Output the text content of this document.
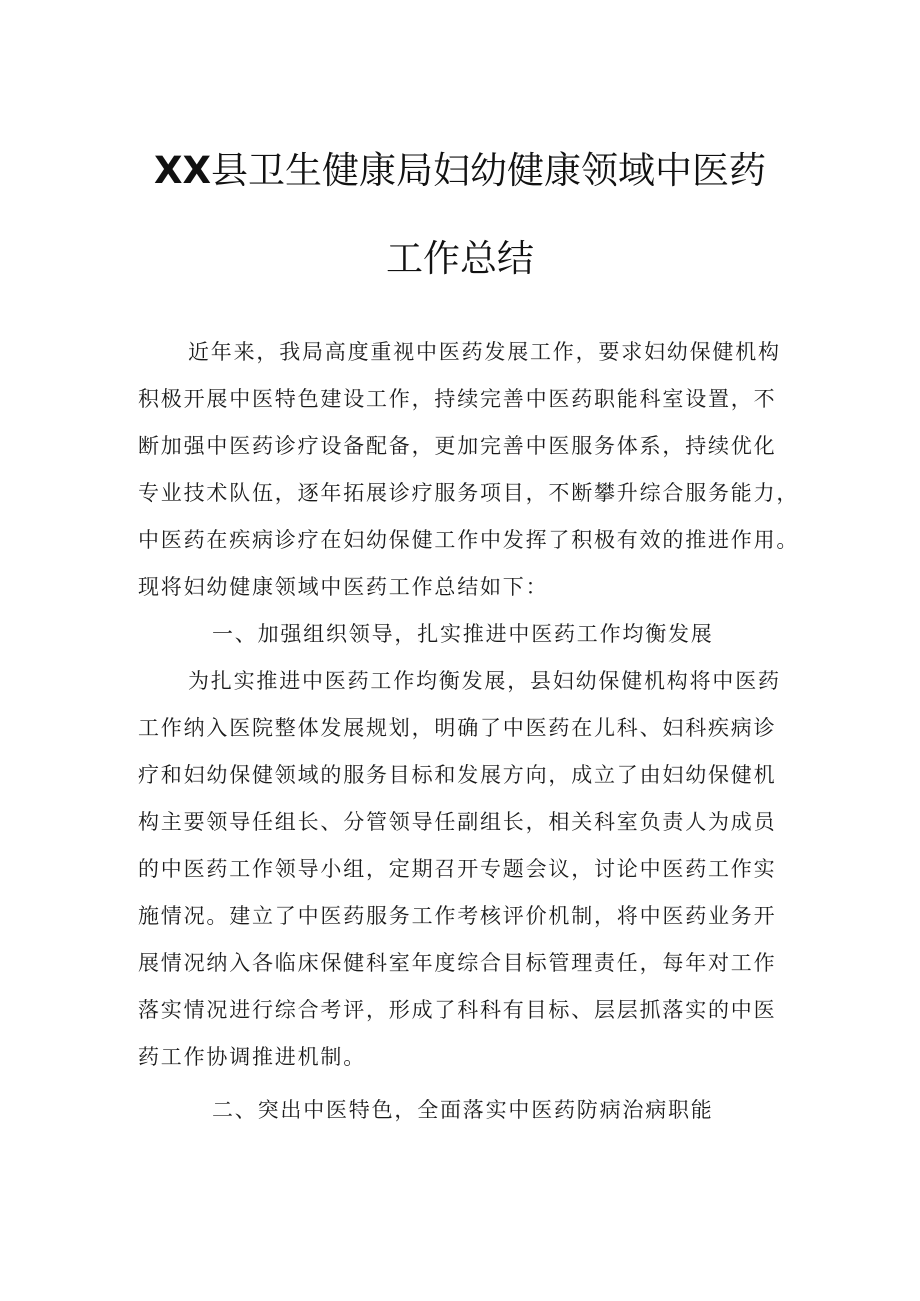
XX县卫生健康局妇幼健康领域中医药
工作总结

近年来，我局高度重视中医药发展工作，要求妇幼保健机构

积极开展中医特色建设工作，持续完善中医药职能科室设置，不

断加强中医药诊疗设备配备，更加完善中医服务体系，持续优化

专业技术队伍，逐年拓展诊疗服务项目，不断攀升综合服务能力，

中医药在疾病诊疗在妇幼保健工作中发挥了积极有效的推进作用。

现将妇幼健康领域中医药工作总结如下：

一、加强组织领导，扎实推进中医药工作均衡发展

为扎实推进中医药工作均衡发展，县妇幼保健机构将中医药

工作纳入医院整体发展规划，明确了中医药在儿科、妇科疾病诊

疗和妇幼保健领域的服务目标和发展方向，成立了由妇幼保健机

构主要领导任组长、分管领导任副组长，相关科室负责人为成员

的中医药工作领导小组，定期召开专题会议，讨论中医药工作实

施情况。建立了中医药服务工作考核评价机制，将中医药业务开

展情况纳入各临床保健科室年度综合目标管理责任，每年对工作

落实情况进行综合考评，形成了科科有目标、层层抓落实的中医

药工作协调推进机制。

二、突出中医特色，全面落实中医药防病治病职能
